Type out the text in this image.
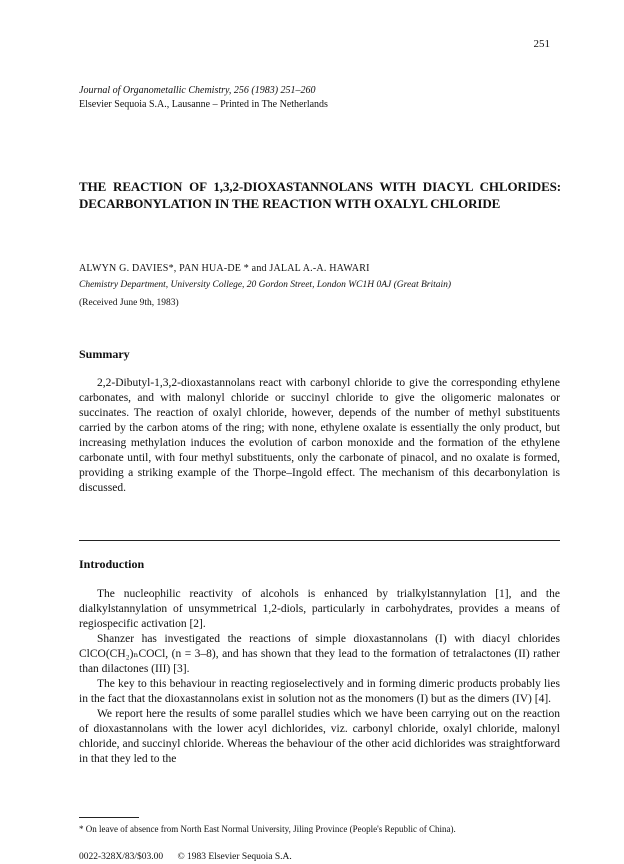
251
Journal of Organometallic Chemistry, 256 (1983) 251–260
Elsevier Sequoia S.A., Lausanne – Printed in The Netherlands
THE REACTION OF 1,3,2-DIOXASTANNOLANS WITH DIACYL CHLORIDES: DECARBONYLATION IN THE REACTION WITH OXALYL CHLORIDE
ALWYN G. DAVIES*, PAN HUA-DE * and JALAL A.-A. HAWARI
Chemistry Department, University College, 20 Gordon Street, London WC1H 0AJ (Great Britain)
(Received June 9th, 1983)
Summary

2,2-Dibutyl-1,3,2-dioxastannolans react with carbonyl chloride to give the corresponding ethylene carbonates, and with malonyl chloride or succinyl chloride to give the oligomeric malonates or succinates. The reaction of oxalyl chloride, however, depends of the number of methyl substituents carried by the carbon atoms of the ring; with none, ethylene oxalate is essentially the only product, but increasing methylation induces the evolution of carbon monoxide and the formation of the ethylene carbonate until, with four methyl substituents, only the carbonate of pinacol, and no oxalate is formed, providing a striking example of the Thorpe–Ingold effect. The mechanism of this decarbonylation is discussed.

Introduction

The nucleophilic reactivity of alcohols is enhanced by trialkylstannylation [1], and the dialkylstannylation of unsymmetrical 1,2-diols, particularly in carbohydrates, provides a means of regiospecific activation [2].

Shanzer has investigated the reactions of simple dioxastannolans (I) with diacyl chlorides ClCO(CH₂)ₙCOCl, (n = 3–8), and has shown that they lead to the formation of tetralactones (II) rather than dilactones (III) [3].

The key to this behaviour in reacting regioselectively and in forming dimeric products probably lies in the fact that the dioxastannolans exist in solution not as the monomers (I) but as the dimers (IV) [4].

We report here the results of some parallel studies which we have been carrying out on the reaction of dioxastannolans with the lower acyl dichlorides, viz. carbonyl chloride, oxalyl chloride, malonyl chloride, and succinyl chloride. Whereas the behaviour of the other acid dichlorides was straightforward in that they led to the

* On leave of absence from North East Normal University, Jiling Province (People's Republic of China).
0022-328X/83/$03.00 © 1983 Elsevier Sequoia S.A.
